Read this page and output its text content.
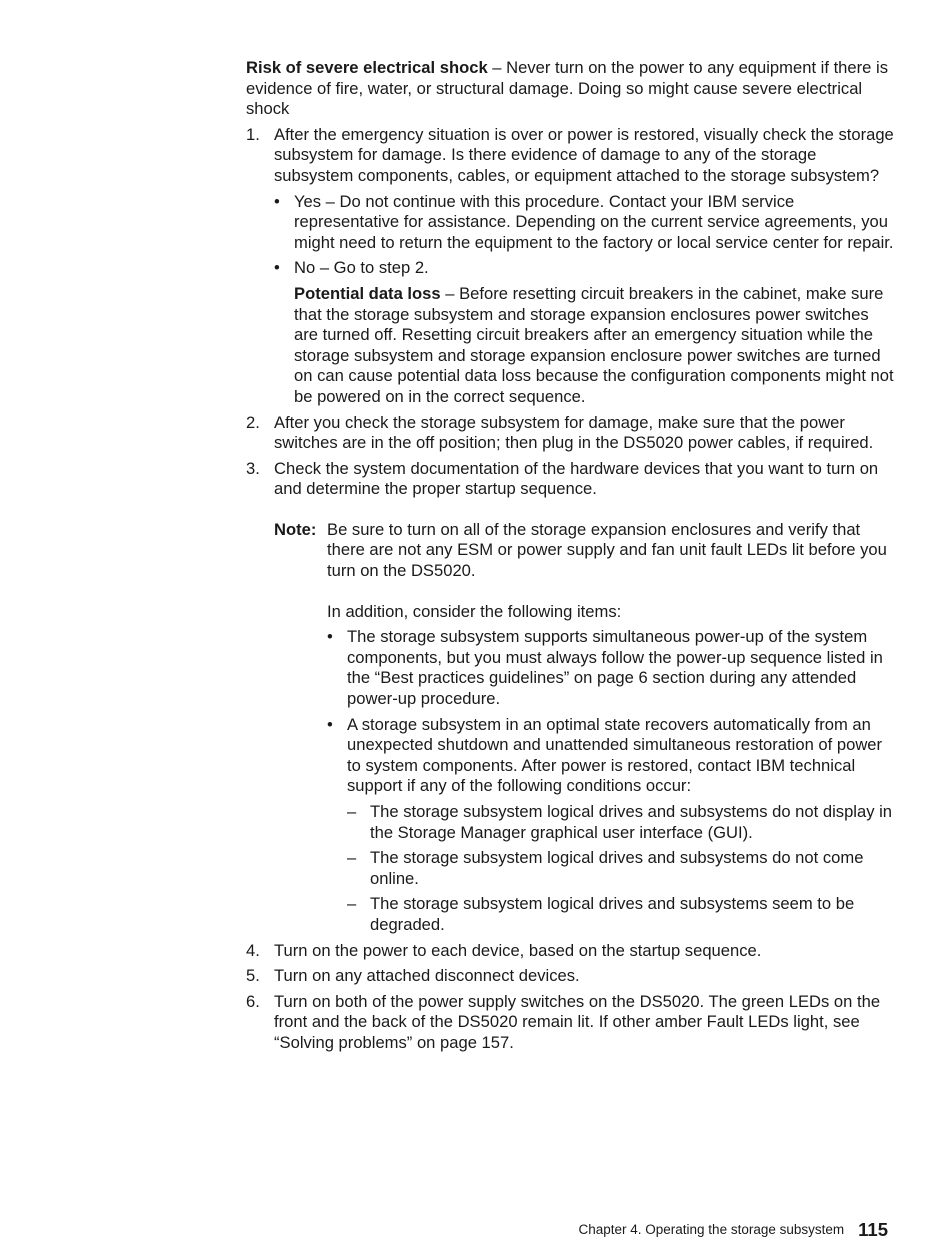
Risk of severe electrical shock – Never turn on the power to any equipment if there is evidence of fire, water, or structural damage. Doing so might cause severe electrical shock

1. After the emergency situation is over or power is restored, visually check the storage subsystem for damage. Is there evidence of damage to any of the storage subsystem components, cables, or equipment attached to the storage subsystem?

• Yes – Do not continue with this procedure. Contact your IBM service representative for assistance. Depending on the current service agreements, you might need to return the equipment to the factory or local service center for repair.

• No – Go to step 2.

Potential data loss – Before resetting circuit breakers in the cabinet, make sure that the storage subsystem and storage expansion enclosures power switches are turned off. Resetting circuit breakers after an emergency situation while the storage subsystem and storage expansion enclosure power switches are turned on can cause potential data loss because the configuration components might not be powered on in the correct sequence.

2. After you check the storage subsystem for damage, make sure that the power switches are in the off position; then plug in the DS5020 power cables, if required.

3. Check the system documentation of the hardware devices that you want to turn on and determine the proper startup sequence.

Note: Be sure to turn on all of the storage expansion enclosures and verify that there are not any ESM or power supply and fan unit fault LEDs lit before you turn on the DS5020.

In addition, consider the following items:

• The storage subsystem supports simultaneous power-up of the system components, but you must always follow the power-up sequence listed in the “Best practices guidelines” on page 6 section during any attended power-up procedure.

• A storage subsystem in an optimal state recovers automatically from an unexpected shutdown and unattended simultaneous restoration of power to system components. After power is restored, contact IBM technical support if any of the following conditions occur:

– The storage subsystem logical drives and subsystems do not display in the Storage Manager graphical user interface (GUI).

– The storage subsystem logical drives and subsystems do not come online.

– The storage subsystem logical drives and subsystems seem to be degraded.

4. Turn on the power to each device, based on the startup sequence.

5. Turn on any attached disconnect devices.

6. Turn on both of the power supply switches on the DS5020. The green LEDs on the front and the back of the DS5020 remain lit. If other amber Fault LEDs light, see “Solving problems” on page 157.

Chapter 4. Operating the storage subsystem 115
